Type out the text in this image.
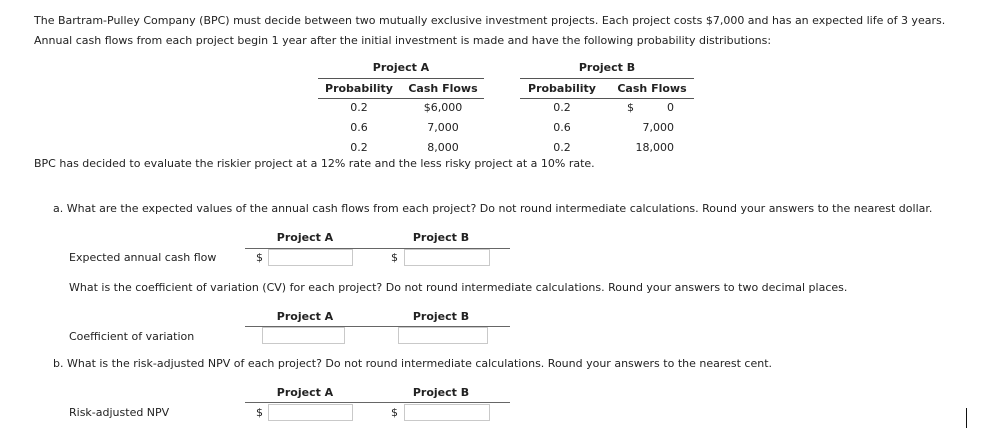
The Bartram-Pulley Company (BPC) must decide between two mutually exclusive investment projects. Each project costs $7,000 and has an expected life of 3 years.
Annual cash flows from each project begin 1 year after the initial investment is made and have the following probability distributions:
Project A
Probability	Cash Flows
0.2	$6,000
0.6	7,000
0.2	8,000
Project B
Probability	Cash Flows
0.2	$	0
0.6	7,000
0.2	18,000
BPC has decided to evaluate the riskier project at a 12% rate and the less risky project at a 10% rate.
a. What are the expected values of the annual cash flows from each project? Do not round intermediate calculations. Round your answers to the nearest dollar.
Project A	Project B
Expected annual cash flow	$	$
What is the coefficient of variation (CV) for each project? Do not round intermediate calculations. Round your answers to two decimal places.
Project A	Project B
Coefficient of variation
b. What is the risk-adjusted NPV of each project? Do not round intermediate calculations. Round your answers to the nearest cent.
Project A	Project B
Risk-adjusted NPV	$	$
